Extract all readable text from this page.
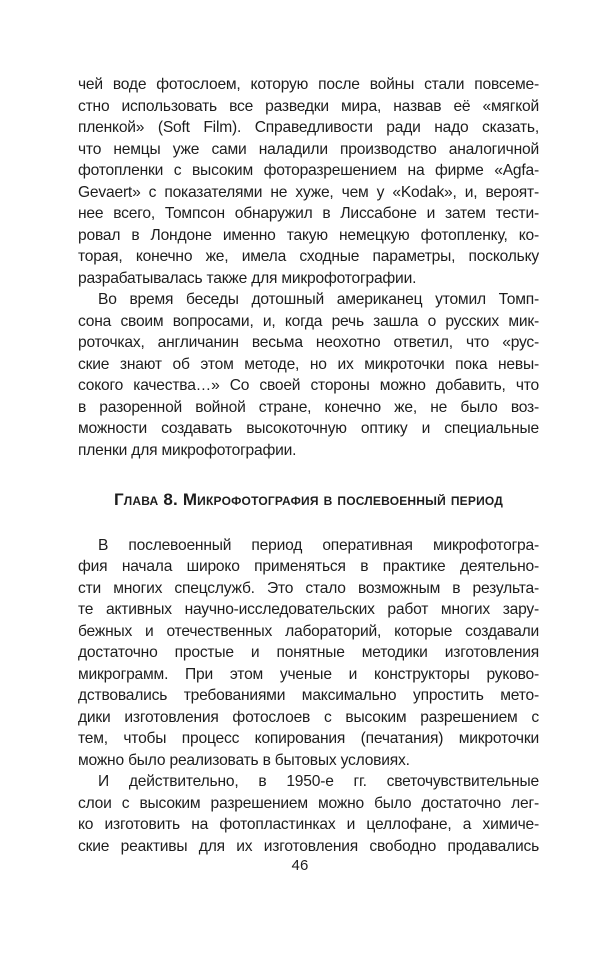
чей воде фотослоем, которую после войны стали повсеме-
стно использовать все разведки мира, назвав её «мягкой
пленкой» (Soft Film). Справедливости ради надо сказать,
что немцы уже сами наладили производство аналогичной
фотопленки с высоким фоторазрешением на фирме «Agfa-
Gevaert» с показателями не хуже, чем у «Kodak», и, вероят-
нее всего, Томпсон обнаружил в Лиссабоне и затем тести-
ровал в Лондоне именно такую немецкую фотопленку, ко-
торая, конечно же, имела сходные параметры, поскольку
разрабатывалась также для микрофотографии.
Во время беседы дотошный американец утомил Томп-
сона своим вопросами, и, когда речь зашла о русских мик-
роточках, англичанин весьма неохотно ответил, что «рус-
ские знают об этом методе, но их микроточки пока невы-
сокого качества…» Со своей стороны можно добавить, что
в разоренной войной стране, конечно же, не было воз-
можности создавать высокоточную оптику и специальные
пленки для микрофотографии.
Глава 8. Микрофотография в послевоенный период
В послевоенный период оперативная микрофотогра-
фия начала широко применяться в практике деятельно-
сти многих спецслужб. Это стало возможным в результа-
те активных научно-исследовательских работ многих зару-
бежных и отечественных лабораторий, которые создавали
достаточно простые и понятные методики изготовления
микрограмм. При этом ученые и конструкторы руково-
дствовались требованиями максимально упростить мето-
дики изготовления фотослоев с высоким разрешением с
тем, чтобы процесс копирования (печатания) микроточки
можно было реализовать в бытовых условиях.
И действительно, в 1950-е гг. светочувствительные
слои с высоким разрешением можно было достаточно лег-
ко изготовить на фотопластинках и целлофане, а химиче-
ские реактивы для их изготовления свободно продавались
46
